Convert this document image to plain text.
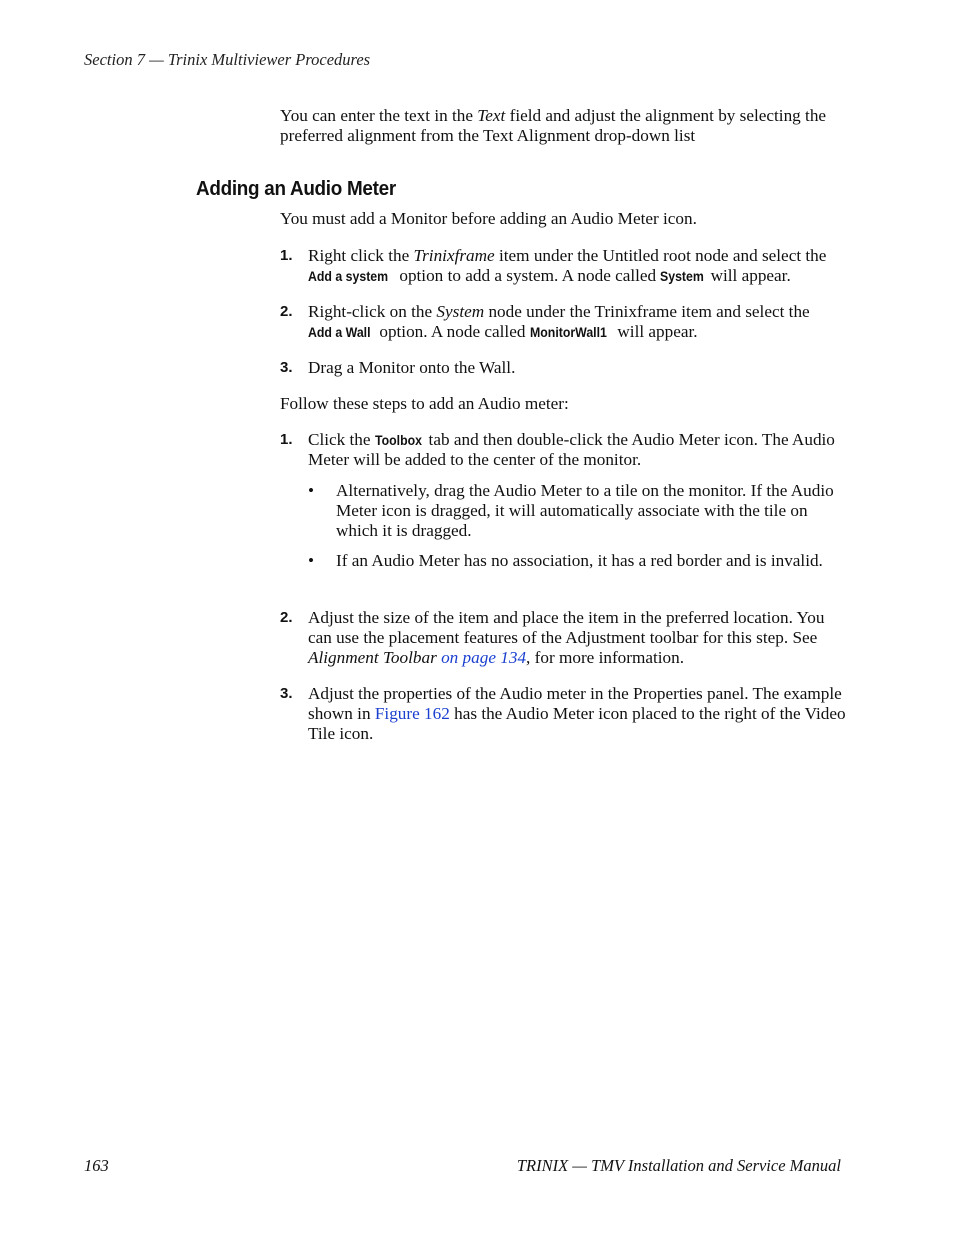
Section 7 — Trinix Multiviewer Procedures

You can enter the text in the Text field and adjust the alignment by selecting the preferred alignment from the Text Alignment drop-down list

Adding an Audio Meter

You must add a Monitor before adding an Audio Meter icon.

1. Right click the Trinixframe item under the Untitled root node and select the Add a system option to add a system. A node called System will appear.
2. Right-click on the System node under the Trinixframe item and select the Add a Wall option. A node called MonitorWall1 will appear.
3. Drag a Monitor onto the Wall.

Follow these steps to add an Audio meter:

1. Click the Toolbox tab and then double-click the Audio Meter icon. The Audio Meter will be added to the center of the monitor.
• Alternatively, drag the Audio Meter to a tile on the monitor. If the Audio Meter icon is dragged, it will automatically associate with the tile on which it is dragged.
• If an Audio Meter has no association, it has a red border and is invalid.
2. Adjust the size of the item and place the item in the preferred location. You can use the placement features of the Adjustment toolbar for this step. See Alignment Toolbar on page 134, for more information.
3. Adjust the properties of the Audio meter in the Properties panel. The example shown in Figure 162 has the Audio Meter icon placed to the right of the Video Tile icon.
163	TRINIX — TMV Installation and Service Manual
